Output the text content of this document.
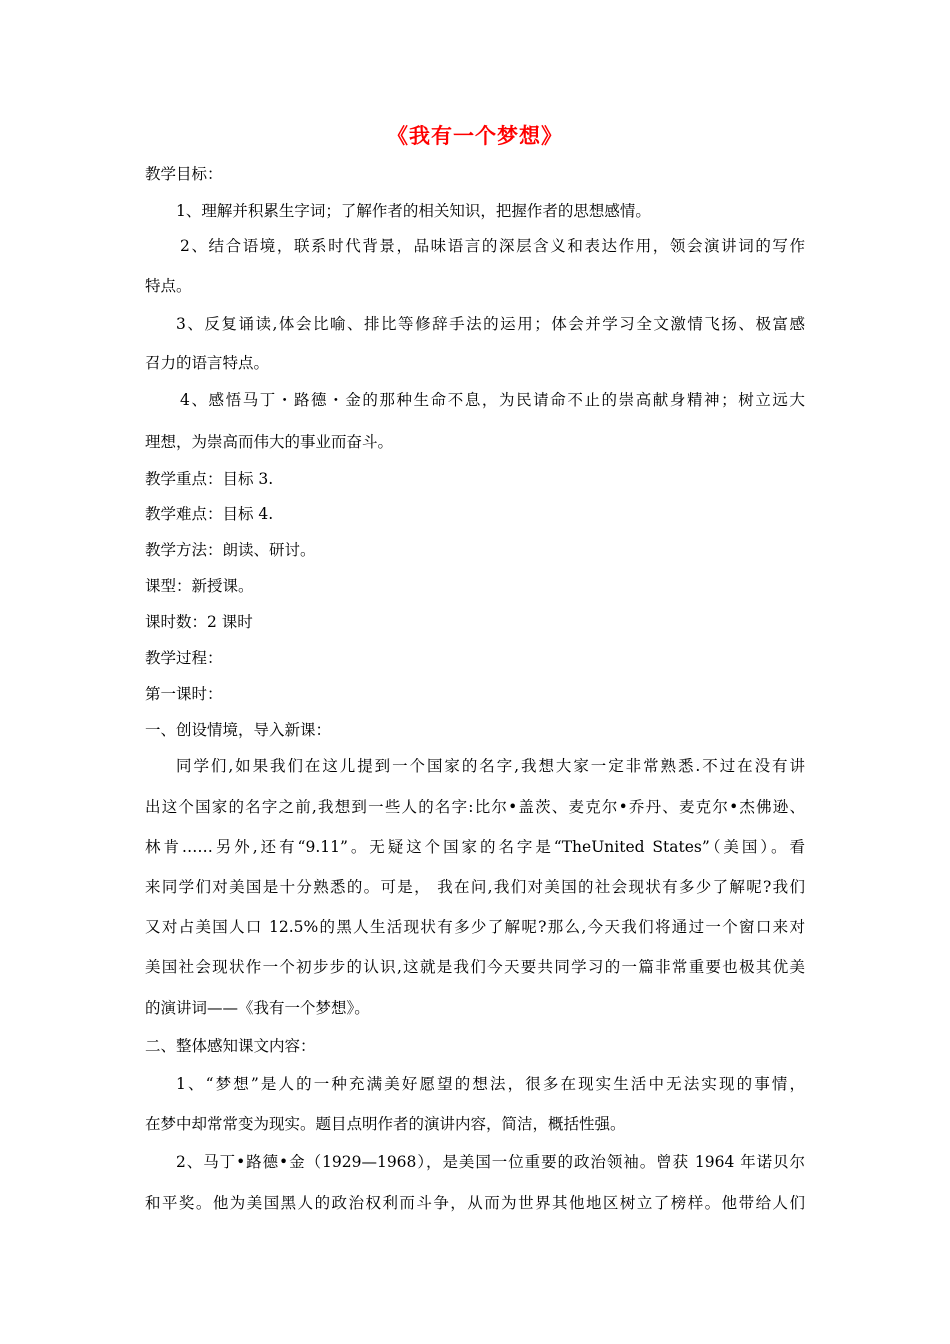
《我有一个梦想》
教学目标：
1、理解并积累生字词；了解作者的相关知识，把握作者的思想感情。
2、结合语境，联系时代背景，品味语言的深层含义和表达作用，领会演讲词的写作
特点。
3、反复诵读,体会比喻、排比等修辞手法的运用；体会并学习全文激情飞扬、极富感
召力的语言特点。
4、感悟马丁・路德・金的那种生命不息，为民请命不止的崇高献身精神；树立远大
理想，为崇高而伟大的事业而奋斗。
教学重点：目标 3.
教学难点：目标 4.
教学方法：朗读、研讨。
课型：新授课。
课时数：2 课时
教学过程：
第一课时：
一、创设情境，导入新课：
同学们,如果我们在这儿提到一个国家的名字,我想大家一定非常熟悉.不过在没有讲
出这个国家的名字之前,我想到一些人的名字:比尔•盖茨、麦克尔•乔丹、麦克尔•杰佛逊、
林肯……另外,还有“9.11”。无疑这个国家的名字是“TheUnited States”（美国）。看
来同学们对美国是十分熟悉的。可是， 我在问,我们对美国的社会现状有多少了解呢?我们
又对占美国人口 12.5%的黑人生活现状有多少了解呢?那么,今天我们将通过一个窗口来对
美国社会现状作一个初步步的认识,这就是我们今天要共同学习的一篇非常重要也极其优美
的演讲词——《我有一个梦想》。
二、整体感知课文内容：
1、“梦想”是人的一种充满美好愿望的想法，很多在现实生活中无法实现的事情，
在梦中却常常变为现实。题目点明作者的演讲内容，简洁，概括性强。
2、马丁•路德•金（1929—1968），是美国一位重要的政治领袖。曾获 1964 年诺贝尔
和平奖。他为美国黑人的政治权利而斗争，从而为世界其他地区树立了榜样。他带给人们
